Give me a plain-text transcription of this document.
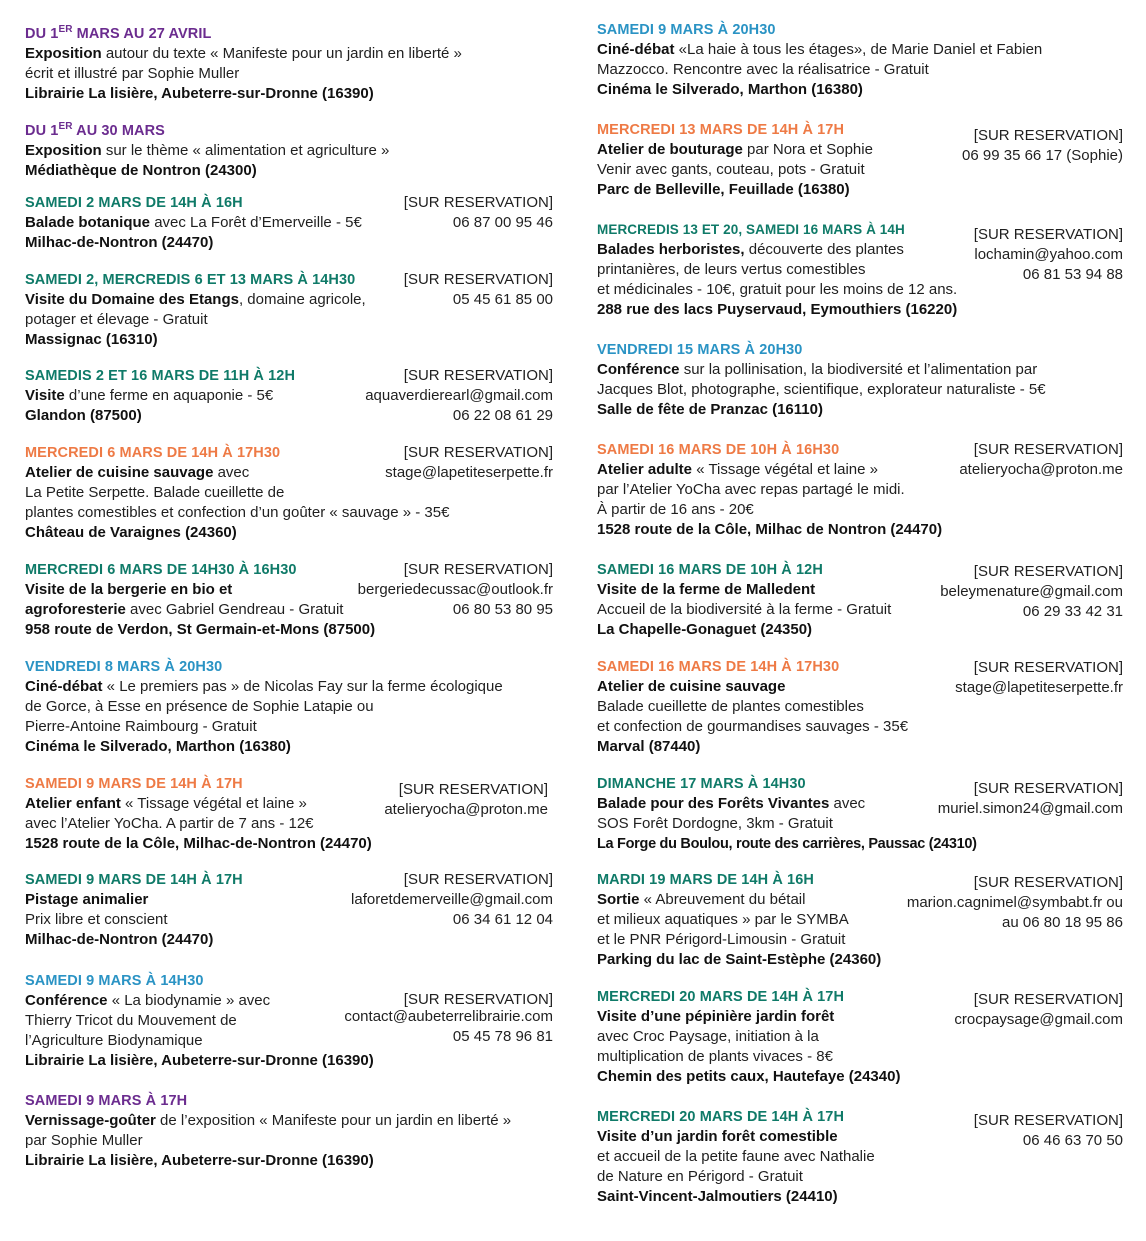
DU 1ER MARS AU 27 AVRIL
Exposition autour du texte « Manifeste pour un jardin en liberté »
écrit et illustré par Sophie Muller
Librairie La lisière, Aubeterre-sur-Dronne (16390)
DU 1ER AU 30 MARS
Exposition sur le thème « alimentation et agriculture »
Médiathèque de Nontron (24300)
[SUR RESERVATION]
06 87 00 95 46
SAMEDI 2 MARS DE 14H À 16H
Balade botanique avec La Forêt d’Emerveille - 5€
Milhac-de-Nontron (24470)
[SUR RESERVATION]
05 45 61 85 00
SAMEDI 2, MERCREDIS 6 ET 13 MARS À 14H30
Visite du Domaine des Etangs, domaine agricole,
potager et élevage - Gratuit
Massignac (16310)
[SUR RESERVATION]
aquaverdierearl@gmail.com
06 22 08 61 29
SAMEDIS 2 ET 16 MARS DE 11H À 12H
Visite d’une ferme en aquaponie - 5€
Glandon (87500)
[SUR RESERVATION]
stage@lapetiteserpette.fr
MERCREDI 6 MARS DE 14H À 17H30
Atelier de cuisine sauvage avec
La Petite Serpette. Balade cueillette de
plantes comestibles et confection d’un goûter « sauvage » - 35€
Château de Varaignes (24360)
[SUR RESERVATION]
bergeriedecussac@outlook.fr
06 80 53 80 95
MERCREDI 6 MARS DE 14H30 À 16H30
Visite de la bergerie en bio et
agroforesterie avec Gabriel Gendreau - Gratuit
958 route de Verdon, St Germain-et-Mons (87500)
VENDREDI 8 MARS À 20H30
Ciné-débat « Le premiers pas » de Nicolas Fay sur la ferme écologique
de Gorce, à Esse en présence de Sophie Latapie ou
Pierre-Antoine Raimbourg - Gratuit
Cinéma le Silverado, Marthon (16380)
[SUR RESERVATION]
atelieryocha@proton.me
SAMEDI 9 MARS DE 14H À 17H
Atelier enfant « Tissage végétal et laine »
avec l’Atelier YoCha. A partir de 7 ans - 12€
1528 route de la Côle, Milhac-de-Nontron (24470)
[SUR RESERVATION]
laforetdemerveille@gmail.com
06 34 61 12 04
SAMEDI 9 MARS DE 14H À 17H
Pistage animalier
Prix libre et conscient
Milhac-de-Nontron (24470)
[SUR RESERVATION]
contact@aubeterrelibrairie.com
05 45 78 96 81
SAMEDI 9 MARS À 14H30
Conférence « La biodynamie » avec
Thierry Tricot du Mouvement de
l’Agriculture Biodynamique
Librairie La lisière, Aubeterre-sur-Dronne (16390)
SAMEDI 9 MARS À 17H
Vernissage-goûter de l’exposition « Manifeste pour un jardin en liberté »
par Sophie Muller
Librairie La lisière, Aubeterre-sur-Dronne (16390)
SAMEDI 9 MARS À 20H30
Ciné-débat «La haie à tous les étages», de Marie Daniel et Fabien
Mazzocco. Rencontre avec la réalisatrice - Gratuit
Cinéma le Silverado, Marthon (16380)
[SUR RESERVATION]
06 99 35 66 17 (Sophie)
MERCREDI 13 MARS DE 14H À 17H
Atelier de bouturage par Nora et Sophie
Venir avec gants, couteau, pots - Gratuit
Parc de Belleville, Feuillade (16380)
[SUR RESERVATION]
lochamin@yahoo.com
06 81 53 94 88
MERCREDIS 13 ET 20, SAMEDI 16 MARS À 14H
Balades herboristes, découverte des plantes
printanières, de leurs vertus comestibles
et médicinales - 10€, gratuit pour les moins de 12 ans.
288 rue des lacs Puyservaud, Eymouthiers (16220)
VENDREDI 15 MARS À 20H30
Conférence sur la pollinisation, la biodiversité et l’alimentation par
Jacques Blot, photographe, scientifique, explorateur naturaliste - 5€
Salle de fête de Pranzac (16110)
[SUR RESERVATION]
atelieryocha@proton.me
SAMEDI 16 MARS DE 10H À 16H30
Atelier adulte « Tissage végétal et laine »
par l’Atelier YoCha avec repas partagé le midi.
À partir de 16 ans - 20€
1528 route de la Côle, Milhac de Nontron (24470)
[SUR RESERVATION]
beleymenature@gmail.com
06 29 33 42 31
SAMEDI 16 MARS DE 10H À 12H
Visite de la ferme de Malledent
Accueil de la biodiversité à la ferme - Gratuit
La Chapelle-Gonaguet (24350)
[SUR RESERVATION]
stage@lapetiteserpette.fr
SAMEDI 16 MARS DE 14H À 17H30
Atelier de cuisine sauvage
Balade cueillette de plantes comestibles
et confection de gourmandises sauvages - 35€
Marval (87440)
[SUR RESERVATION]
muriel.simon24@gmail.com
DIMANCHE 17 MARS À 14H30
Balade pour des Forêts Vivantes avec
SOS Forêt Dordogne, 3km - Gratuit
La Forge du Boulou, route des carrières, Paussac (24310)
[SUR RESERVATION]
marion.cagnimel@symbabt.fr ou
au 06 80 18 95 86
MARDI 19 MARS DE 14H À 16H
Sortie « Abreuvement du bétail
et milieux aquatiques » par le SYMBA
et le PNR Périgord-Limousin - Gratuit
Parking du lac de Saint-Estèphe (24360)
[SUR RESERVATION]
crocpaysage@gmail.com
MERCREDI 20 MARS DE 14H À 17H
Visite d’une pépinière jardin forêt
avec Croc Paysage, initiation à la
multiplication de plants vivaces - 8€
Chemin des petits caux, Hautefaye (24340)
[SUR RESERVATION]
06 46 63 70 50
MERCREDI 20 MARS DE 14H À 17H
Visite d’un jardin forêt comestible
et accueil de la petite faune avec Nathalie
de Nature en Périgord - Gratuit
Saint-Vincent-Jalmoutiers (24410)
